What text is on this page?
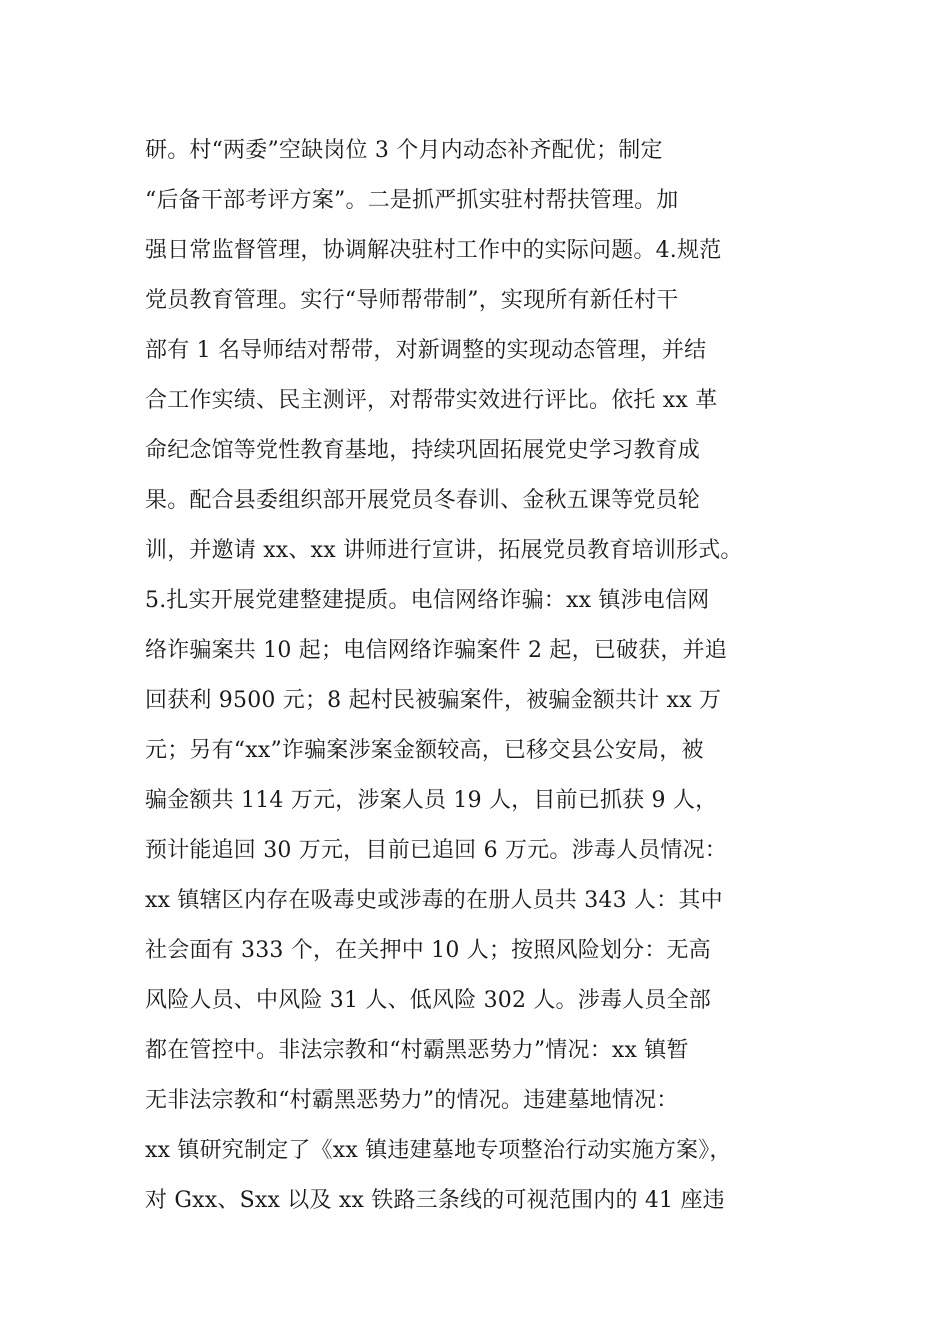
研。村“两委”空缺岗位 3 个月内动态补齐配优；制定
“后备干部考评方案”。二是抓严抓实驻村帮扶管理。加
强日常监督管理，协调解决驻村工作中的实际问题。4.规范
党员教育管理。实行“导师帮带制”，实现所有新任村干
部有 1 名导师结对帮带，对新调整的实现动态管理，并结
合工作实绩、民主测评，对帮带实效进行评比。依托 xx 革
命纪念馆等党性教育基地，持续巩固拓展党史学习教育成
果。配合县委组织部开展党员冬春训、金秋五课等党员轮
训，并邀请 xx、xx 讲师进行宣讲，拓展党员教育培训形式。
5.扎实开展党建整建提质。电信网络诈骗：xx 镇涉电信网
络诈骗案共 10 起；电信网络诈骗案件 2 起，已破获，并追
回获利 9500 元；8 起村民被骗案件，被骗金额共计 xx 万
元；另有“xx”诈骗案涉案金额较高，已移交县公安局，被
骗金额共 114 万元，涉案人员 19 人，目前已抓获 9 人，
预计能追回 30 万元，目前已追回 6 万元。涉毒人员情况：
xx 镇辖区内存在吸毒史或涉毒的在册人员共 343 人：其中
社会面有 333 个，在关押中 10 人；按照风险划分：无高
风险人员、中风险 31 人、低风险 302 人。涉毒人员全部
都在管控中。非法宗教和“村霸黑恶势力”情况：xx 镇暂
无非法宗教和“村霸黑恶势力”的情况。违建墓地情况：
xx 镇研究制定了《xx 镇违建墓地专项整治行动实施方案》，
对 Gxx、Sxx 以及 xx 铁路三条线的可视范围内的 41 座违
